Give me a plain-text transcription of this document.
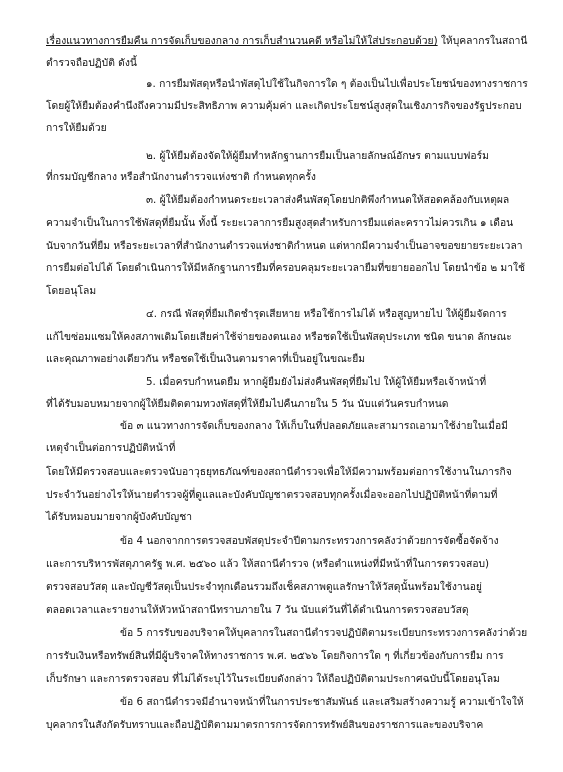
เรื่องแนวทางการยืมคืน การจัดเก็บของกลาง การเก็บสำนวนคดี หรือไม่ให้ใส่ประกอบด้วย) ให้บุคลากรในสถานี
ตำรวจถือปฏิบัติ ดังนี้
๑. การยืมพัสดุหรือนำพัสดุไปใช้ในกิจการใด ๆ ต้องเป็นไปเพื่อประโยชน์ของทางราชการ
โดยผู้ให้ยืมต้องคำนึงถึงความมีประสิทธิภาพ ความคุ้มค่า และเกิดประโยชน์สูงสุดในเชิงภารกิจของรัฐประกอบ
การให้ยืมด้วย
๒. ผู้ให้ยืมต้องจัดให้ผู้ยืมทำหลักฐานการยืมเป็นลายลักษณ์อักษร ตามแบบฟอร์ม
ที่กรมบัญชีกลาง หรือสำนักงานตำรวจแห่งชาติ กำหนดทุกครั้ง
๓. ผู้ให้ยืมต้องกำหนดระยะเวลาส่งคืนพัสดุโดยปกติพึงกำหนดให้สอดคล้องกับเหตุผล
ความจำเป็นในการใช้พัสดุที่ยืมนั้น ทั้งนี้ ระยะเวลาการยืมสูงสุดสำหรับการยืมแต่ละคราวไม่ควรเกิน ๑ เดือน
นับจากวันที่ยืม หรือระยะเวลาที่สำนักงานตำรวจแห่งชาติกำหนด แต่หากมีความจำเป็นอาจขอขยายระยะเวลา
การยืมต่อไปได้ โดยดำเนินการให้มีหลักฐานการยืมที่ครอบคลุมระยะเวลายืมที่ขยายออกไป โดยนำข้อ ๒ มาใช้
โดยอนุโลม
๔. กรณี พัสดุที่ยืมเกิดชำรุดเสียหาย หรือใช้การไม่ได้ หรือสูญหายไป ให้ผู้ยืมจัดการ
แก้ไขซ่อมแซมให้คงสภาพเดิมโดยเสียค่าใช้จ่ายของตนเอง หรือชดใช้เป็นพัสดุประเภท ชนิด ขนาด ลักษณะ
และคุณภาพอย่างเดียวกัน หรือชดใช้เป็นเงินตามราคาที่เป็นอยู่ในขณะยืม
5. เมื่อครบกำหนดยืม หากผู้ยืมยังไม่ส่งคืนพัสดุที่ยืมไป ให้ผู้ให้ยืมหรือเจ้าหน้าที่
ที่ได้รับมอบหมายจากผู้ให้ยืมติดตามทวงพัสดุที่ให้ยืมไปคืนภายใน 5 วัน นับแต่วันครบกำหนด
ข้อ ๓ แนวทางการจัดเก็บของกลาง ให้เก็บในที่ปลอดภัยและสามารถเอามาใช้ง่ายในเมื่อมี
เหตุจำเป็นต่อการปฏิบัติหน้าที่
โดยให้มีตรวจสอบและตรวจนับอาวุธยุทธภัณฑ์ของสถานีตำรวจเพื่อให้มีความพร้อมต่อการใช้งานในภารกิจ
ประจำวันอย่างไรให้นายตำรวจผู้ที่ดูแลและบังคับบัญชาตรวจสอบทุกครั้งเมื่อจะออกไปปฏิบัติหน้าที่ตามที่
ได้รับหมอบมายจากผู้บังคับบัญชา
ข้อ 4 นอกจากการตรวจสอบพัสดุประจำปีตามกระทรวงการคลังว่าด้วยการจัดซื้อจัดจ้าง
และการบริหารพัสดุภาครัฐ พ.ศ. ๒๕๖๐ แล้ว ให้สถานีตำรวจ (หรือตำแหน่งที่มีหน้าที่ในการตรวจสอบ)
ตรวจสอบวัสดุ และบัญชีวัสดุเป็นประจำทุกเดือนรวมถึงเช็คสภาพดูแลรักษาให้วัสดุนั้นพร้อมใช้งานอยู่
ตลอดเวลาและรายงานให้หัวหน้าสถานีทราบภายใน 7 วัน นับแต่วันที่ได้ดำเนินการตรวจสอบวัสดุ
ข้อ 5 การรับของบริจาคให้บุคลากรในสถานีตำรวจปฏิบัติตามระเบียบกระทรวงการคลังว่าด้วย
การรับเงินหรือทรัพย์สินที่มีผู้บริจาคให้ทางราชการ พ.ศ. ๒๕๖๖ โดยกิจการใด ๆ ที่เกี่ยวข้องกับการยืม การ
เก็บรักษา และการตรวจสอบ ที่ไม่ได้ระบุไว้ในระเบียบดังกล่าว ให้ถือปฏิบัติตามประกาศฉบับนี้โดยอนุโลม
ข้อ 6 สถานีตำรวจมีอำนาจหน้าที่ในการประชาสัมพันธ์ และเสริมสร้างความรู้ ความเข้าใจให้
บุคลากรในสังกัดรับทราบและถือปฏิบัติตามมาตรการการจัดการทรัพย์สินของราชการและของบริจาค
